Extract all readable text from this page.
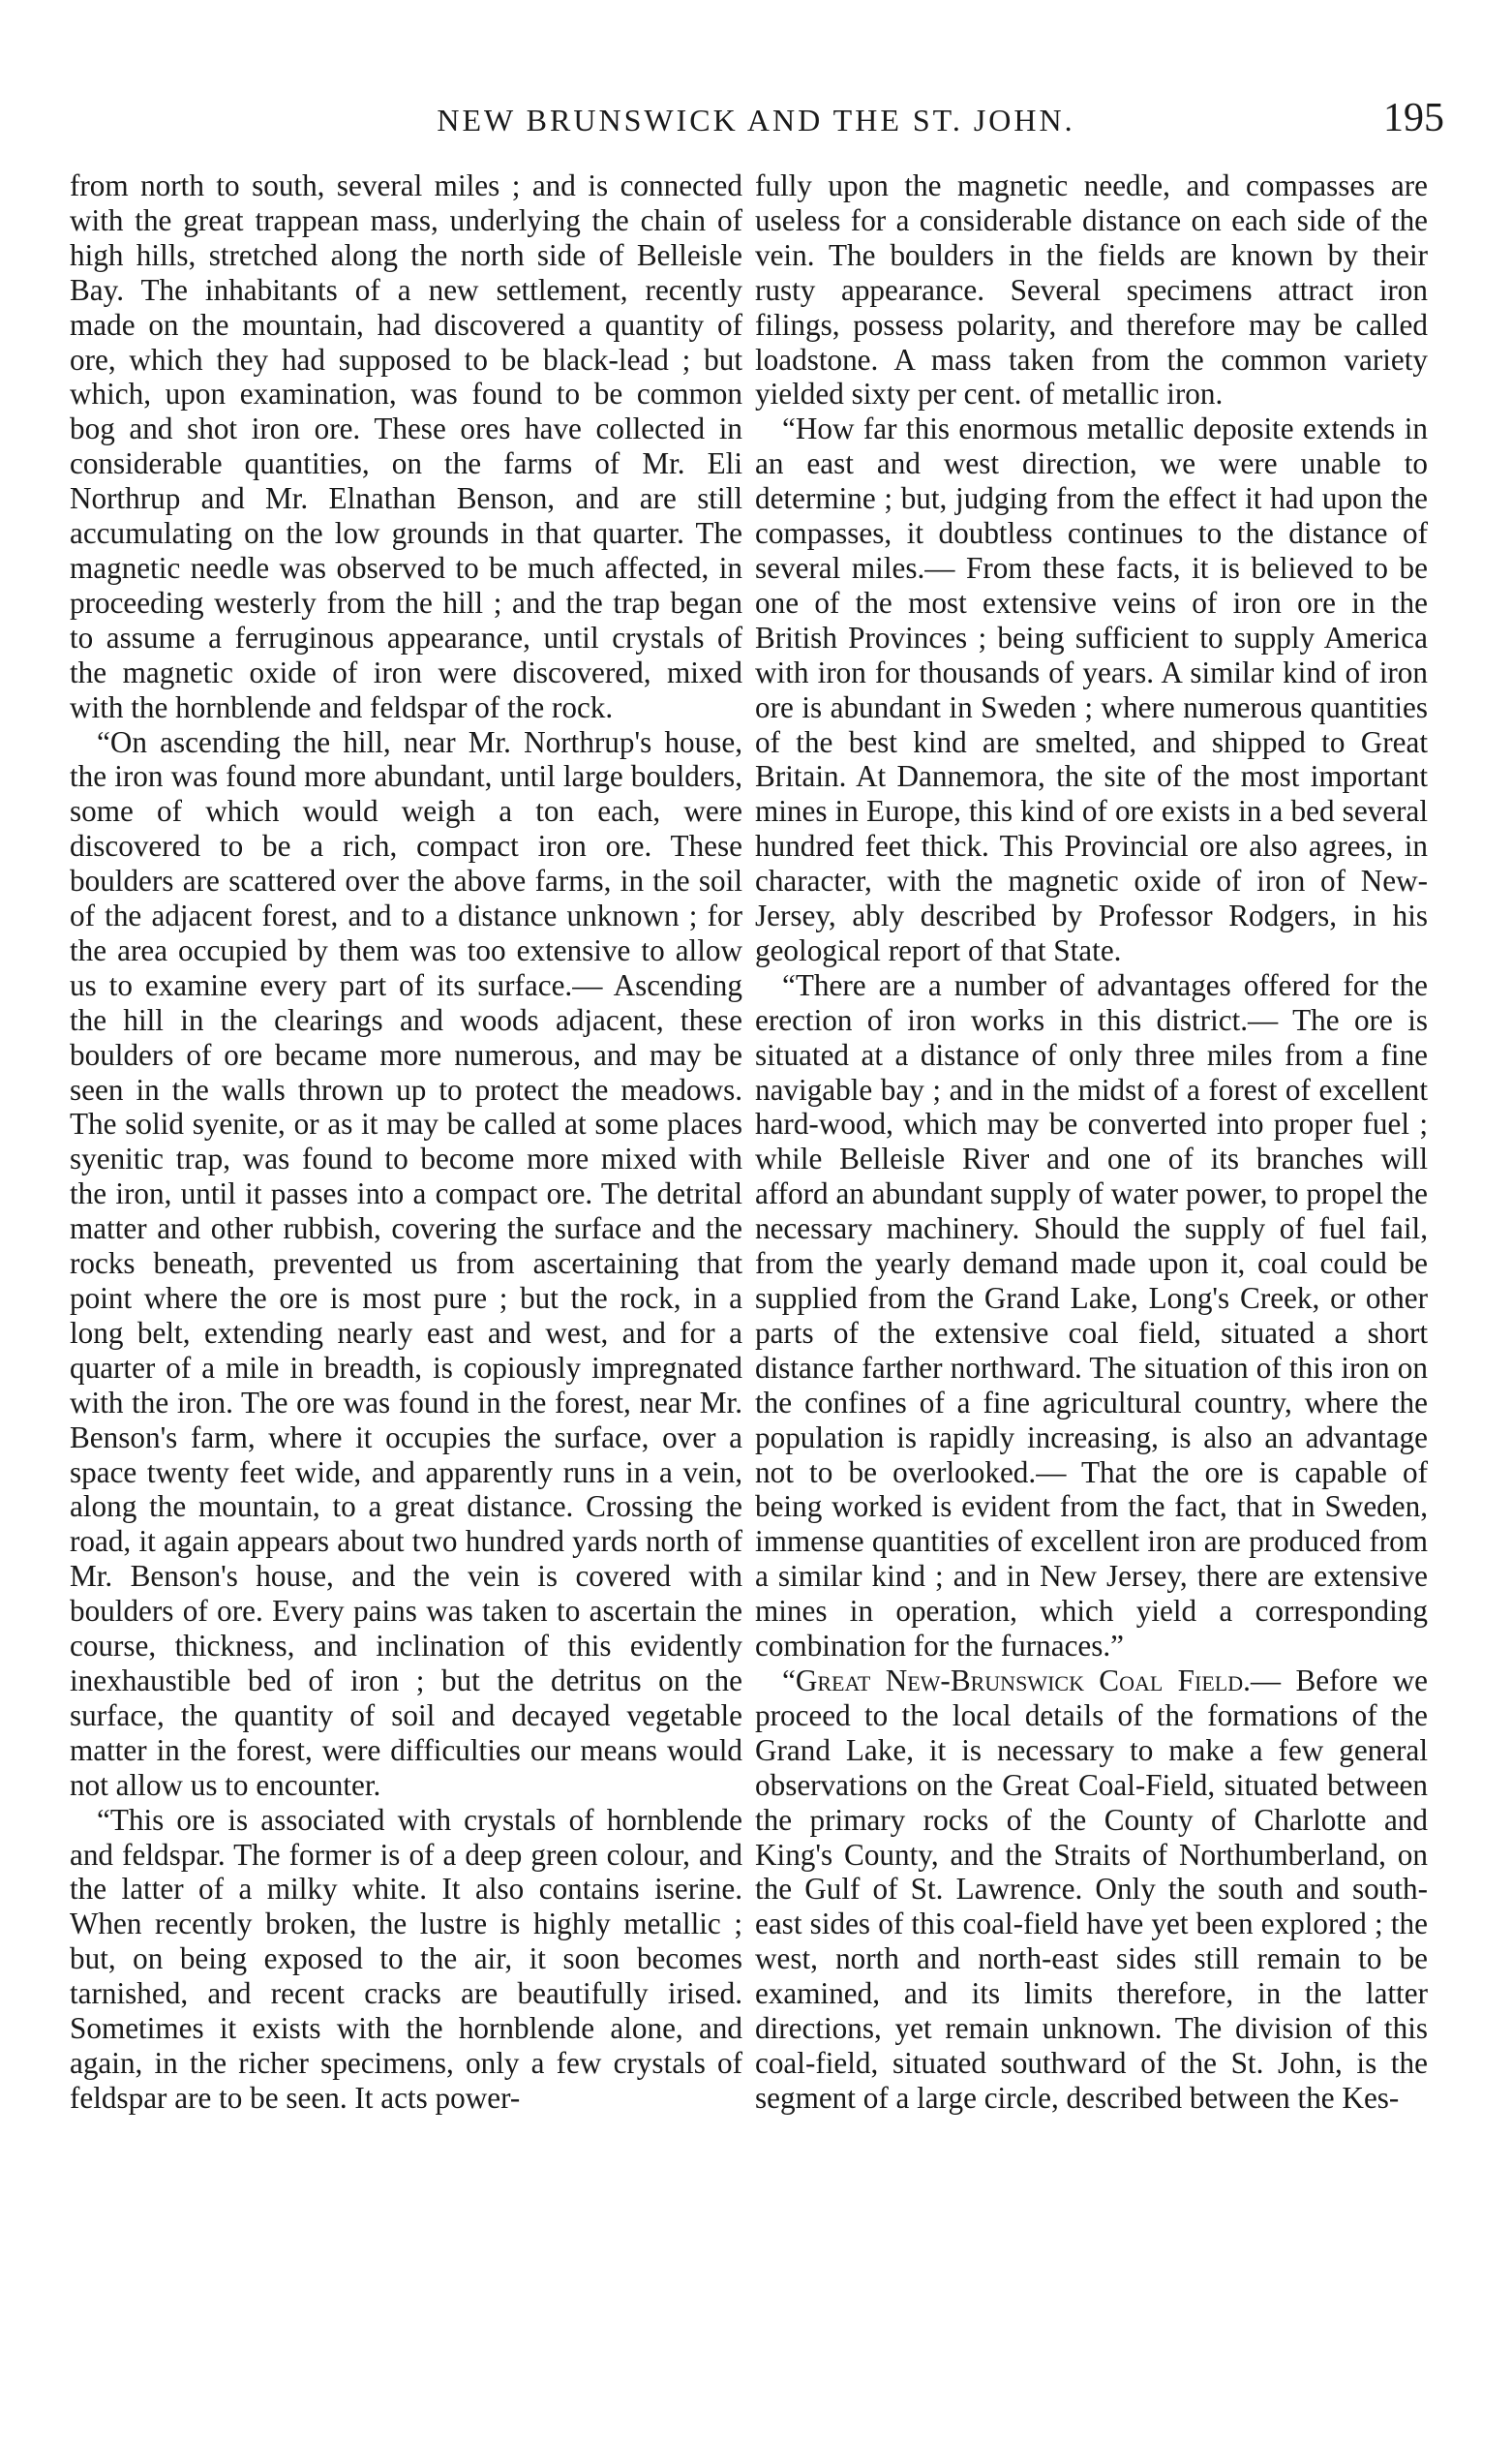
NEW BRUNSWICK AND THE ST. JOHN.	195

from north to south, several miles ; and is connected with the great trappean mass, underlying the chain of high hills, stretched along the north side of Belleisle Bay. The inhabitants of a new settlement, recently made on the mountain, had discovered a quantity of ore, which they had supposed to be black-lead ; but which, upon examination, was found to be common bog and shot iron ore. These ores have collected in considerable quantities, on the farms of Mr. Eli Northrup and Mr. Elnathan Benson, and are still accumulating on the low grounds in that quarter. The magnetic needle was observed to be much affected, in proceeding westerly from the hill ; and the trap began to assume a ferruginous appearance, until crystals of the magnetic oxide of iron were discovered, mixed with the hornblende and feldspar of the rock.

“On ascending the hill, near Mr. Northrup's house, the iron was found more abundant, until large boulders, some of which would weigh a ton each, were discovered to be a rich, compact iron ore. These boulders are scattered over the above farms, in the soil of the adjacent forest, and to a distance unknown ; for the area occupied by them was too extensive to allow us to examine every part of its surface.— Ascending the hill in the clearings and woods adjacent, these boulders of ore became more numerous, and may be seen in the walls thrown up to protect the meadows. The solid syenite, or as it may be called at some places syenitic trap, was found to become more mixed with the iron, until it passes into a compact ore. The detrital matter and other rubbish, covering the surface and the rocks beneath, prevented us from ascertaining that point where the ore is most pure ; but the rock, in a long belt, extending nearly east and west, and for a quarter of a mile in breadth, is copiously impregnated with the iron. The ore was found in the forest, near Mr. Benson's farm, where it occupies the surface, over a space twenty feet wide, and apparently runs in a vein, along the mountain, to a great distance. Crossing the road, it again appears about two hundred yards north of Mr. Benson's house, and the vein is covered with boulders of ore. Every pains was taken to ascertain the course, thickness, and inclination of this evidently inexhaustible bed of iron ; but the detritus on the surface, the quantity of soil and decayed vegetable matter in the forest, were difficulties our means would not allow us to encounter.

“This ore is associated with crystals of hornblende and feldspar. The former is of a deep green colour, and the latter of a milky white. It also contains iserine. When recently broken, the lustre is highly metallic ; but, on being exposed to the air, it soon becomes tarnished, and recent cracks are beautifully irised. Sometimes it exists with the hornblende alone, and again, in the richer specimens, only a few crystals of feldspar are to be seen. It acts power-

fully upon the magnetic needle, and compasses are useless for a considerable distance on each side of the vein. The boulders in the fields are known by their rusty appearance. Several specimens attract iron filings, possess polarity, and therefore may be called loadstone. A mass taken from the common variety yielded sixty per cent. of metallic iron.

“How far this enormous metallic deposite extends in an east and west direction, we were unable to determine ; but, judging from the effect it had upon the compasses, it doubtless continues to the distance of several miles.— From these facts, it is believed to be one of the most extensive veins of iron ore in the British Provinces ; being sufficient to supply America with iron for thousands of years. A similar kind of iron ore is abundant in Sweden ; where numerous quantities of the best kind are smelted, and shipped to Great Britain. At Dannemora, the site of the most important mines in Europe, this kind of ore exists in a bed several hundred feet thick. This Provincial ore also agrees, in character, with the magnetic oxide of iron of New-Jersey, ably described by Professor Rodgers, in his geological report of that State.

“There are a number of advantages offered for the erection of iron works in this district.— The ore is situated at a distance of only three miles from a fine navigable bay ; and in the midst of a forest of excellent hard-wood, which may be converted into proper fuel ; while Belleisle River and one of its branches will afford an abundant supply of water power, to propel the necessary machinery. Should the supply of fuel fail, from the yearly demand made upon it, coal could be supplied from the Grand Lake, Long's Creek, or other parts of the extensive coal field, situated a short distance farther northward. The situation of this iron on the confines of a fine agricultural country, where the population is rapidly increasing, is also an advantage not to be overlooked.— That the ore is capable of being worked is evident from the fact, that in Sweden, immense quantities of excellent iron are produced from a similar kind ; and in New Jersey, there are extensive mines in operation, which yield a corresponding combination for the furnaces.”

“Great New-Brunswick Coal Field.— Before we proceed to the local details of the formations of the Grand Lake, it is necessary to make a few general observations on the Great Coal-Field, situated between the primary rocks of the County of Charlotte and King's County, and the Straits of Northumberland, on the Gulf of St. Lawrence. Only the south and south-east sides of this coal-field have yet been explored ; the west, north and north-east sides still remain to be examined, and its limits therefore, in the latter directions, yet remain unknown. The division of this coal-field, situated southward of the St. John, is the segment of a large circle, described between the Kes-
